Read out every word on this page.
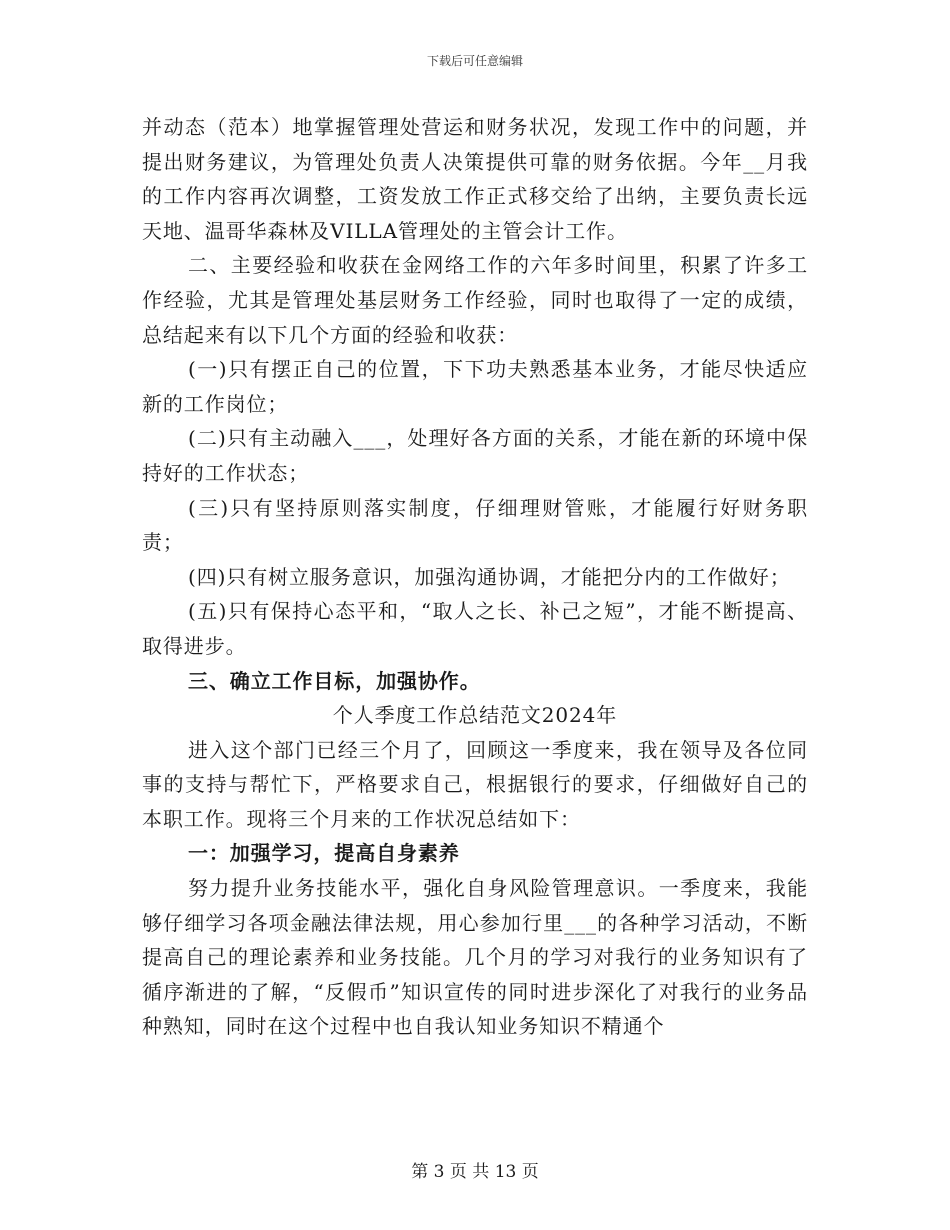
下载后可任意编辑

并动态（范本）地掌握管理处营运和财务状况，发现工作中的问题，并提出财务建议，为管理处负责人决策提供可靠的财务依据。今年__月我的工作内容再次调整，工资发放工作正式移交给了出纳，主要负责长远天地、温哥华森林及VILLA管理处的主管会计工作。

二、主要经验和收获在金网络工作的六年多时间里，积累了许多工作经验，尤其是管理处基层财务工作经验，同时也取得了一定的成绩，总结起来有以下几个方面的经验和收获：

(一)只有摆正自己的位置，下下功夫熟悉基本业务，才能尽快适应新的工作岗位；

(二)只有主动融入___，处理好各方面的关系，才能在新的环境中保持好的工作状态；

(三)只有坚持原则落实制度，仔细理财管账，才能履行好财务职责；

(四)只有树立服务意识，加强沟通协调，才能把分内的工作做好；

(五)只有保持心态平和，“取人之长、补己之短”，才能不断提高、取得进步。

三、确立工作目标，加强协作。

个人季度工作总结范文2024年

进入这个部门已经三个月了，回顾这一季度来，我在领导及各位同事的支持与帮忙下，严格要求自己，根据银行的要求，仔细做好自己的本职工作。现将三个月来的工作状况总结如下：

一：加强学习，提高自身素养

努力提升业务技能水平，强化自身风险管理意识。一季度来，我能够仔细学习各项金融法律法规，用心参加行里___的各种学习活动，不断提高自己的理论素养和业务技能。几个月的学习对我行的业务知识有了循序渐进的了解，“反假币”知识宣传的同时进步深化了对我行的业务品种熟知，同时在这个过程中也自我认知业务知识不精通个

第 3 页 共 13 页
